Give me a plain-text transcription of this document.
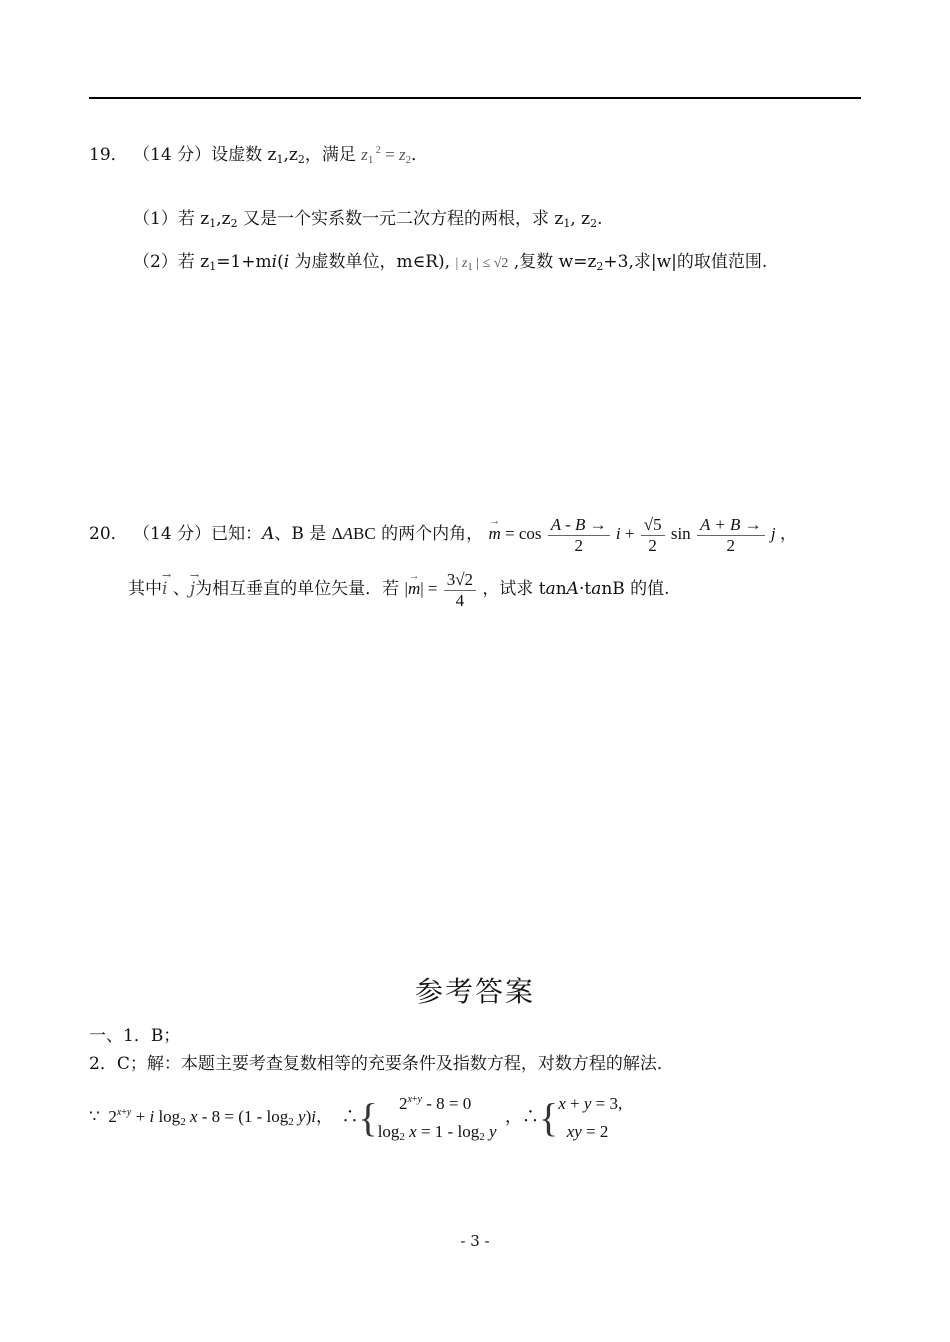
19． （14 分）设虚数 $z_1,z_2$，满足 $z_1$ $^2 = z_2$．
（1）若 $z_1,z_2$ 又是一个实系数一元二次方程的两根，求 $z_1$, $z_2$.
（2）若 $z_1=1+mi(i$ 为虚数单位，m∈R), | $z_1$ | ≤ √2 ,复数 $w=z_2+3$,求|w|的取值范围.
20． （14 分）已知：A、B 是 ΔABC 的两个内角， m
→
= $\cos \frac{A - B \to}{2}$ $i + \frac{√5}{2}$ $\sin \frac{A + B \to}{2}$ j ，
其中i
→
、j
→
为相互垂直的单位矢量．若 |m
→
| = $\frac{3√2}{4}$ ，试求 tanA·tanB 的值.
参考答案
一、1．B；
2．C；解：本题主要考查复数相等的充要条件及指数方程，对数方程的解法．
∵  $2^{x+y} + i$ $\log_2 x - 8 = (1 - \log_2 y)i$，  ∴{     $2^{x+y} - 8 = 0$
$\log_2 x = 1 - \log_2 y$  ，∴{x + y = 3,
xy = 2
- 3 -
